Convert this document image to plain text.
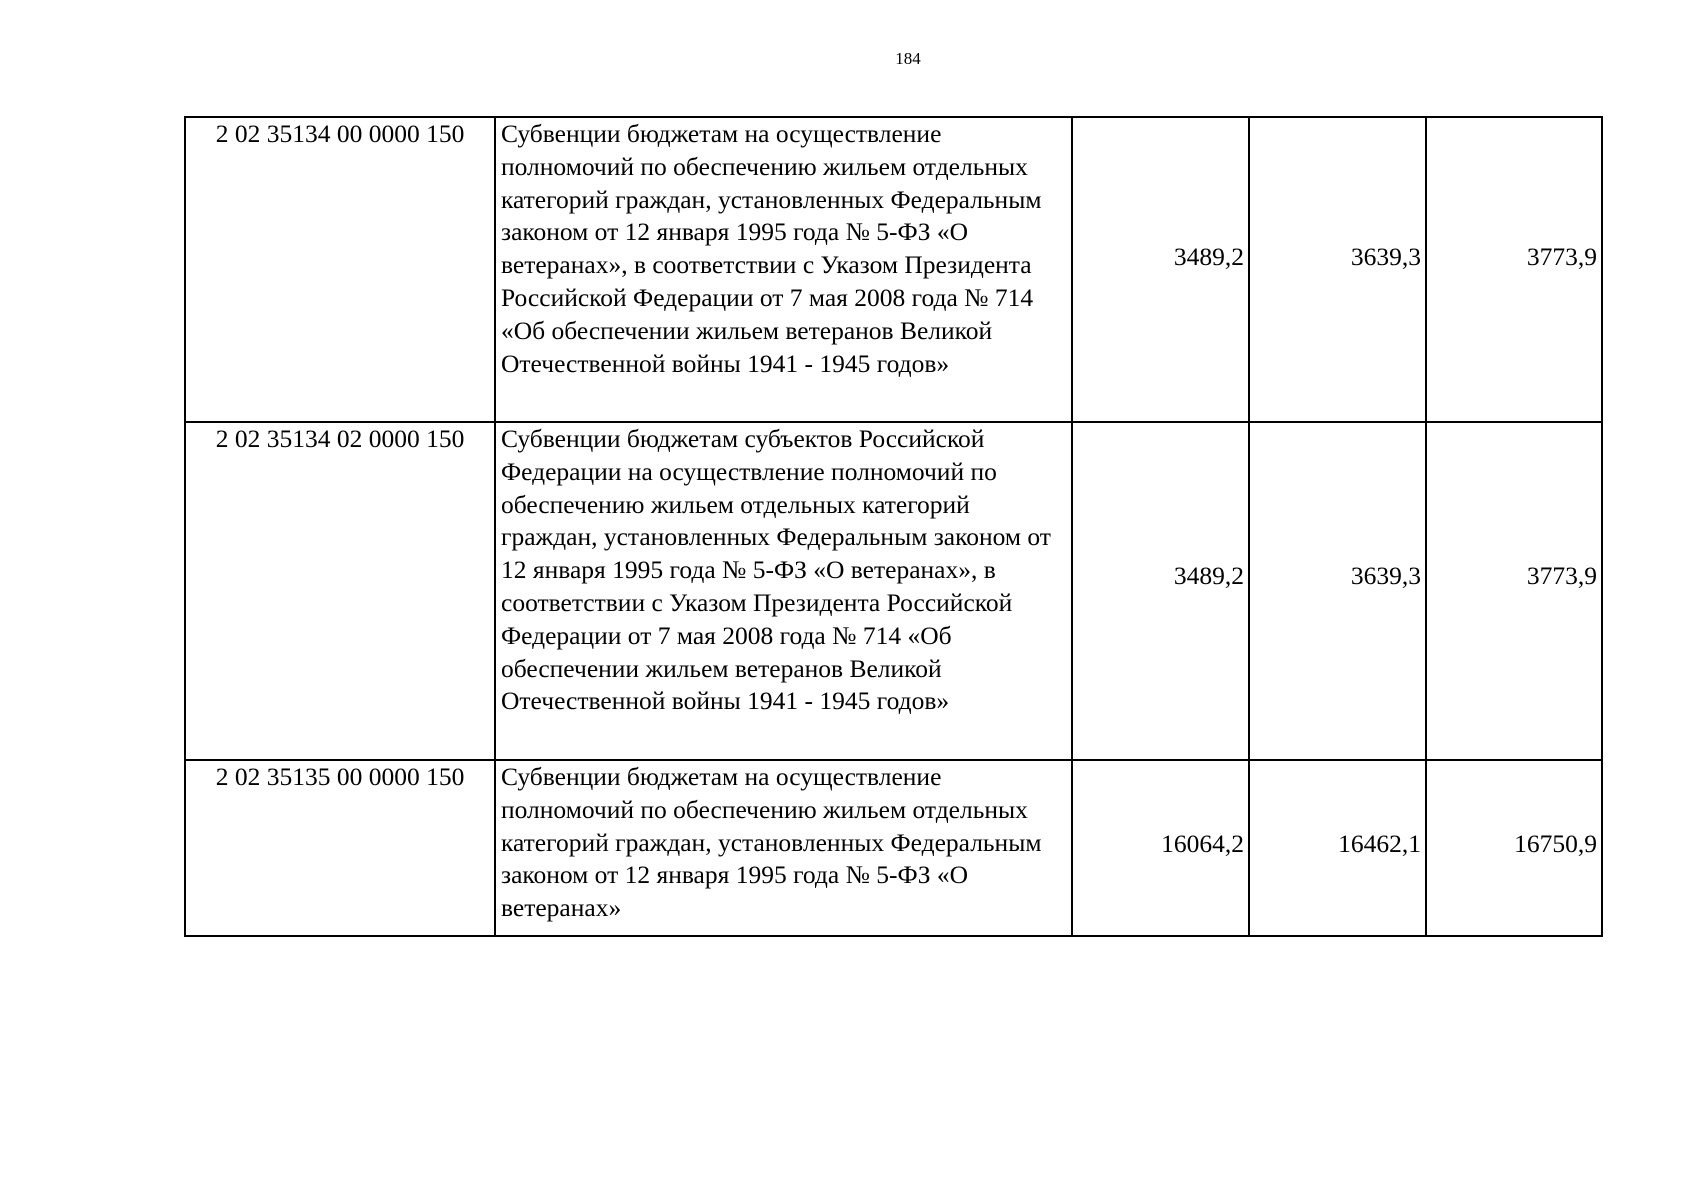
184
2 02 35134 00 0000 150	Субвенции бюджетам на осуществление полномочий по обеспечению жильем отдельных категорий граждан, установленных Федеральным законом от 12 января 1995 года № 5-ФЗ «О ветеранах», в соответствии с Указом Президента Российской Федерации от 7 мая 2008 года № 714 «Об обеспечении жильем ветеранов Великой Отечественной войны 1941 - 1945 годов»	3489,2	3639,3	3773,9
2 02 35134 02 0000 150	Субвенции бюджетам субъектов Российской Федерации на осуществление полномочий по обеспечению жильем отдельных категорий граждан, установленных Федеральным законом от 12 января 1995 года № 5-ФЗ «О ветеранах», в соответствии с Указом Президента Российской Федерации от 7 мая 2008 года № 714 «Об обеспечении жильем ветеранов Великой Отечественной войны 1941 - 1945 годов»	3489,2	3639,3	3773,9
2 02 35135 00 0000 150	Субвенции бюджетам на осуществление полномочий по обеспечению жильем отдельных категорий граждан, установленных Федеральным законом от 12 января 1995 года № 5-ФЗ «О ветеранах»	16064,2	16462,1	16750,9
